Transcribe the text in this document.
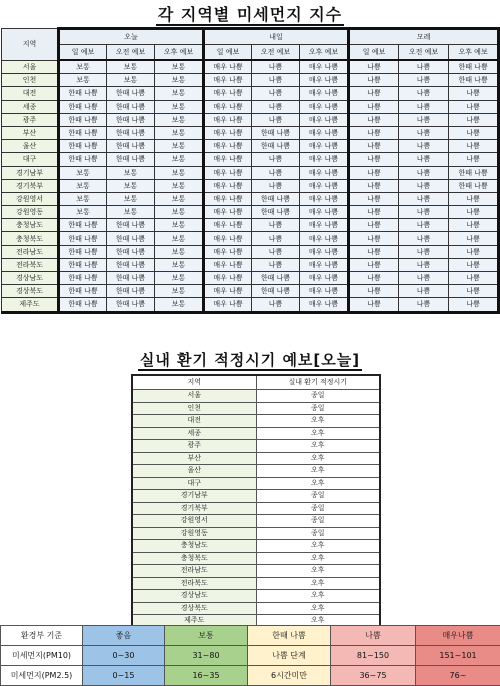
각 지역별 미세먼지 지수
지역	오늘			내일			모레		
	일 예보	오전 예보	오후 예보	일 예보	오전 예보	오후 예보	일 예보	오전 예보	오후 예보
서울	보통	보통	보통	매우 나쁨	나쁨	매우 나쁨	나쁨	나쁨	한때 나쁨
인천	보통	보통	보통	매우 나쁨	나쁨	매우 나쁨	나쁨	나쁨	한때 나쁨
대전	한때 나쁨	한때 나쁨	보통	매우 나쁨	나쁨	매우 나쁨	나쁨	나쁨	나쁨
세종	한때 나쁨	한때 나쁨	보통	매우 나쁨	나쁨	매우 나쁨	나쁨	나쁨	나쁨
광주	한때 나쁨	한때 나쁨	보통	매우 나쁨	나쁨	매우 나쁨	나쁨	나쁨	나쁨
부산	한때 나쁨	한때 나쁨	보통	매우 나쁨	한때 나쁨	매우 나쁨	나쁨	나쁨	나쁨
울산	한때 나쁨	한때 나쁨	보통	매우 나쁨	한때 나쁨	매우 나쁨	나쁨	나쁨	나쁨
대구	한때 나쁨	한때 나쁨	보통	매우 나쁨	나쁨	매우 나쁨	나쁨	나쁨	나쁨
경기남부	보통	보통	보통	매우 나쁨	나쁨	매우 나쁨	나쁨	나쁨	한때 나쁨
경기북부	보통	보통	보통	매우 나쁨	나쁨	매우 나쁨	나쁨	나쁨	한때 나쁨
강원영서	보통	보통	보통	매우 나쁨	한때 나쁨	매우 나쁨	나쁨	나쁨	나쁨
강원영동	보통	보통	보통	매우 나쁨	한때 나쁨	매우 나쁨	나쁨	나쁨	나쁨
충청남도	한때 나쁨	한때 나쁨	보통	매우 나쁨	나쁨	매우 나쁨	나쁨	나쁨	나쁨
충청북도	한때 나쁨	한때 나쁨	보통	매우 나쁨	나쁨	매우 나쁨	나쁨	나쁨	나쁨
전라남도	한때 나쁨	한때 나쁨	보통	매우 나쁨	나쁨	매우 나쁨	나쁨	나쁨	나쁨
전라북도	한때 나쁨	한때 나쁨	보통	매우 나쁨	나쁨	매우 나쁨	나쁨	나쁨	나쁨
경상남도	한때 나쁨	한때 나쁨	보통	매우 나쁨	한때 나쁨	매우 나쁨	나쁨	나쁨	나쁨
경상북도	한때 나쁨	한때 나쁨	보통	매우 나쁨	한때 나쁨	매우 나쁨	나쁨	나쁨	나쁨
제주도	한때 나쁨	한때 나쁨	보통	매우 나쁨	나쁨	매우 나쁨	나쁨	나쁨	나쁨
실내 환기 적정시기 예보[오늘]
지역	실내 환기 적정시기
서울	종일
인천	종일
대전	오후
세종	오후
광주	오후
부산	오후
울산	오후
대구	오후
경기남부	종일
경기북부	종일
강원영서	종일
강원영동	종일
충청남도	오후
충청북도	오후
전라남도	오후
전라북도	오후
경상남도	오후
경상북도	오후
제주도	오후
환경부 기준	좋음	보통	한때 나쁨	나쁨	매우나쁨
미세먼지(PM10)	0~30	31~80	나쁨 단계	81~150	151~101
미세먼지(PM2.5)	0~15	16~35	6시간미만	36~75	76~
